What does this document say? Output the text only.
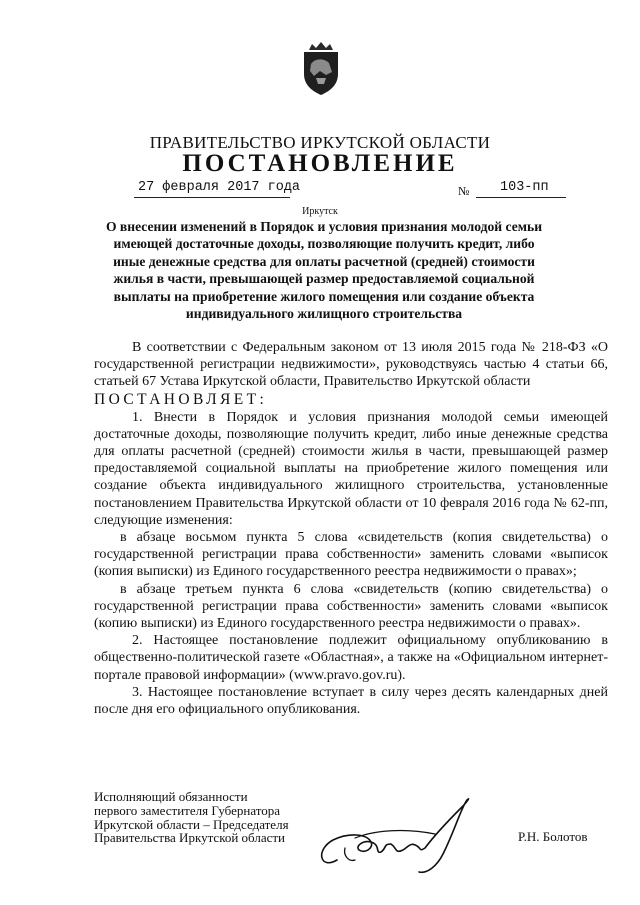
ПРАВИТЕЛЬСТВО ИРКУТСКОЙ ОБЛАСТИ
ПОСТАНОВЛЕНИЕ
27 февраля 2017 года	№ 103-пп
Иркутск
О внесении изменений в Порядок и условия признания молодой семьи имеющей достаточные доходы, позволяющие получить кредит, либо иные денежные средства для оплаты расчетной (средней) стоимости жилья в части, превышающей размер предоставляемой социальной выплаты на приобретение жилого помещения или создание объекта индивидуального жилищного строительства

В соответствии с Федеральным законом от 13 июля 2015 года № 218-ФЗ «О государственной регистрации недвижимости», руководствуясь частью 4 статьи 66, статьей 67 Устава Иркутской области, Правительство Иркутской области

ПОСТАНОВЛЯЕТ:

1. Внести в Порядок и условия признания молодой семьи имеющей достаточные доходы, позволяющие получить кредит, либо иные денежные средства для оплаты расчетной (средней) стоимости жилья в части, превышающей размер предоставляемой социальной выплаты на приобретение жилого помещения или создание объекта индивидуального жилищного строительства, установленные постановлением Правительства Иркутской области от 10 февраля 2016 года № 62-пп, следующие изменения:

в абзаце восьмом пункта 5 слова «свидетельств (копия свидетельства) о государственной регистрации права собственности» заменить словами «выписок (копия выписки) из Единого государственного реестра недвижимости о правах»;

в абзаце третьем пункта 6 слова «свидетельств (копию свидетельства) о государственной регистрации права собственности» заменить словами «выписок (копию выписки) из Единого государственного реестра недвижимости о правах».

2. Настоящее постановление подлежит официальному опубликованию в общественно-политической газете «Областная», а также на «Официальном интернет-портале правовой информации» (www.pravo.gov.ru).

3. Настоящее постановление вступает в силу через десять календарных дней после дня его официального опубликования.

Исполняющий обязанности
первого заместителя Губернатора
Иркутской области – Председателя
Правительства Иркутской области	Р.Н. Болотов
